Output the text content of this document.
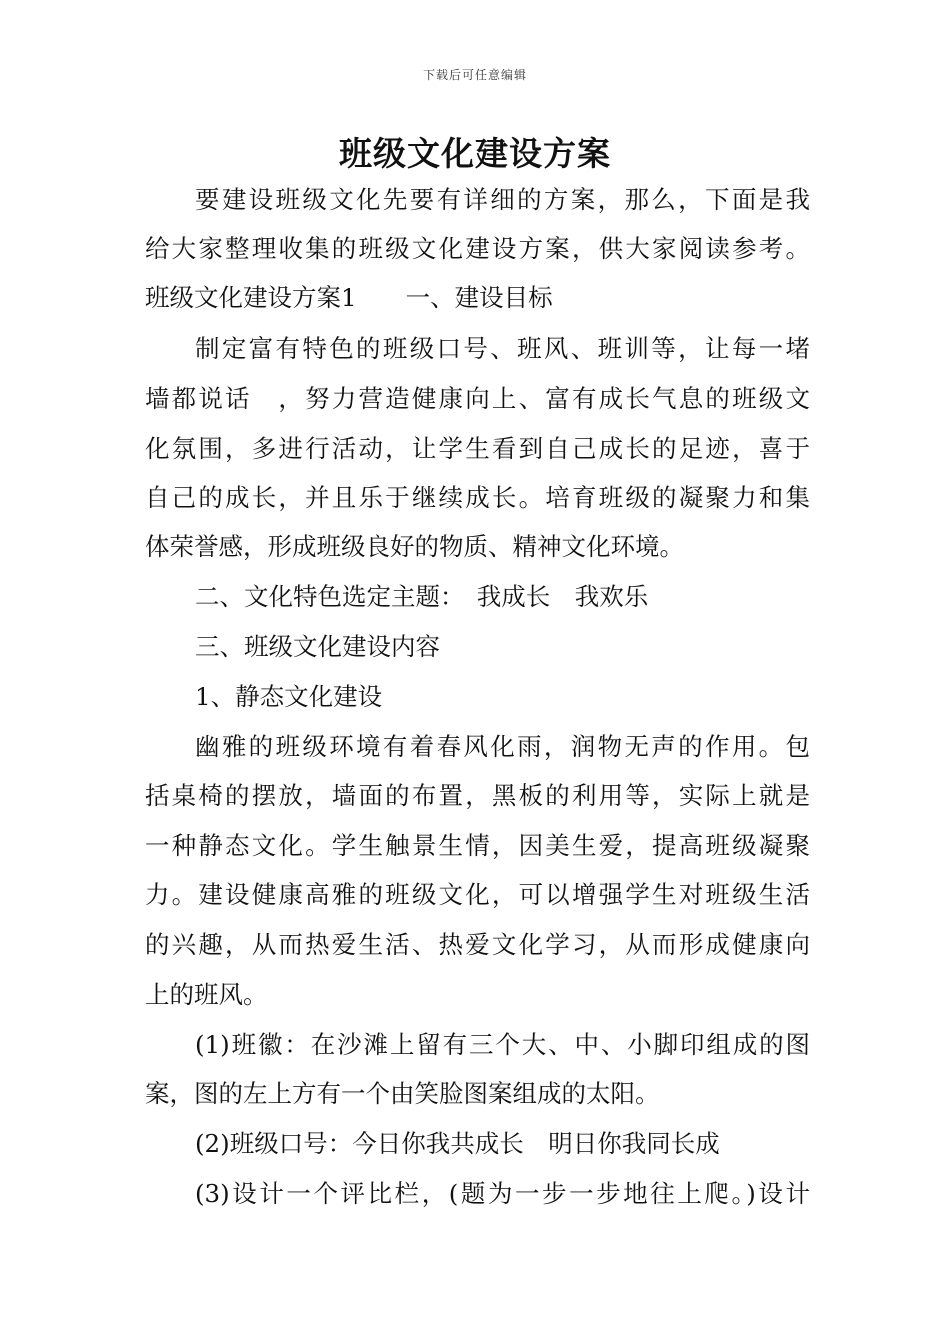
下载后可任意编辑
班级文化建设方案
要建设班级文化先要有详细的方案，那么，下面是我
给大家整理收集的班级文化建设方案，供大家阅读参考。
班级文化建设方案1　　一、建设目标
制定富有特色的班级口号、班风、班训等，让每一堵
墙都说话　，努力营造健康向上、富有成长气息的班级文
化氛围，多进行活动，让学生看到自己成长的足迹，喜于
自己的成长，并且乐于继续成长。培育班级的凝聚力和集
体荣誉感，形成班级良好的物质、精神文化环境。
二、文化特色选定主题：　我成长　我欢乐
三、班级文化建设内容
1、静态文化建设
幽雅的班级环境有着春风化雨，润物无声的作用。包
括桌椅的摆放，墙面的布置，黑板的利用等，实际上就是
一种静态文化。学生触景生情，因美生爱，提高班级凝聚
力。建设健康高雅的班级文化，可以增强学生对班级生活
的兴趣，从而热爱生活、热爱文化学习，从而形成健康向
上的班风。
(1)班徽：在沙滩上留有三个大、中、小脚印组成的图
案，图的左上方有一个由笑脸图案组成的太阳。
(2)班级口号：今日你我共成长　明日你我同长成
(3)设计一个评比栏，(题为一步一步地往上爬。)设计
